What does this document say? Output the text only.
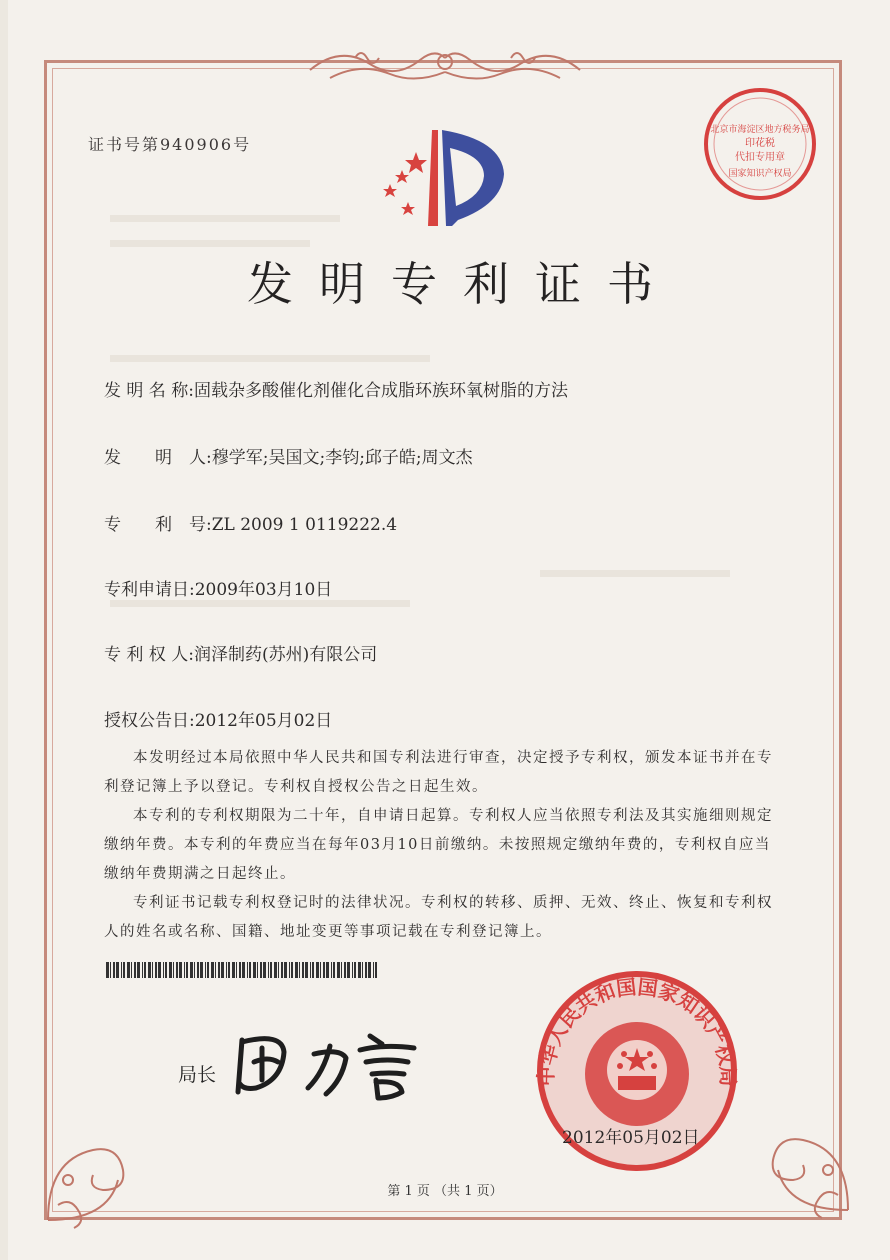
北京市海淀区地方税务局
印花税
代扣专用章
国家知识产权局
证书号第940906号
发明专利证书
发 明 名 称:固载杂多酸催化剂催化合成脂环族环氧树脂的方法
发　　明　人:穆学军;吴国文;李钧;邱子皓;周文杰
专　　利　号:ZL 2009 1 0119222.4
专利申请日:2009年03月10日
专 利 权 人:润泽制药(苏州)有限公司
授权公告日:2012年05月02日
本发明经过本局依照中华人民共和国专利法进行审查，决定授予专利权，颁发本证书并在专利登记簿上予以登记。专利权自授权公告之日起生效。
本专利的专利权期限为二十年，自申请日起算。专利权人应当依照专利法及其实施细则规定缴纳年费。本专利的年费应当在每年03月10日前缴纳。未按照规定缴纳年费的，专利权自应当缴纳年费期满之日起终止。
专利证书记载专利权登记时的法律状况。专利权的转移、质押、无效、终止、恢复和专利权人的姓名或名称、国籍、地址变更等事项记载在专利登记簿上。
局长	中华人民共和国国家知识产权局
2012年05月02日
第 1 页 （共 1 页）
